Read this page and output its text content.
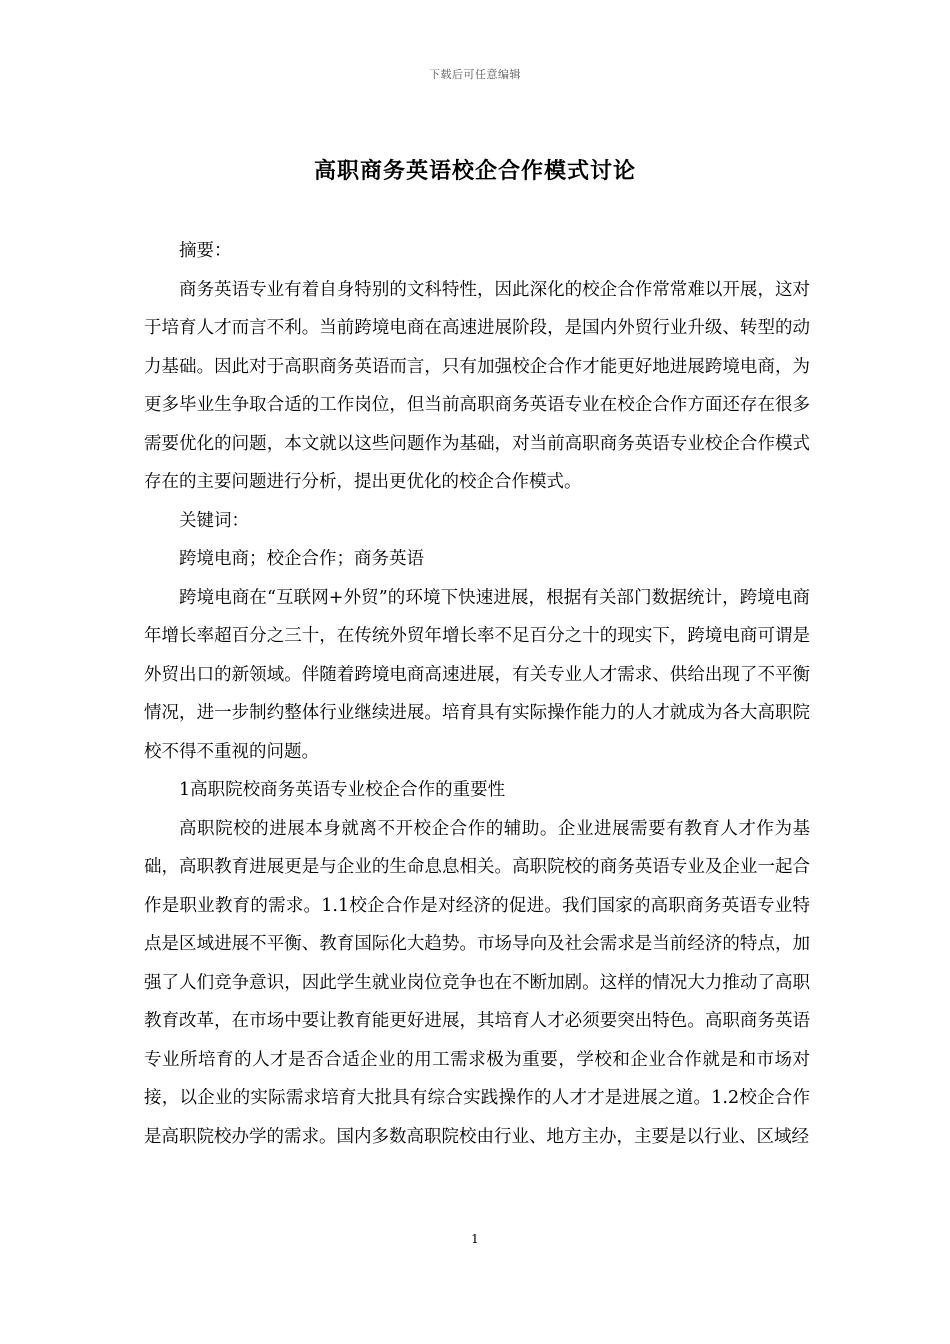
下载后可任意编辑
高职商务英语校企合作模式讨论

摘要：

商务英语专业有着自身特别的文科特性，因此深化的校企合作常常难以开展，这对于培育人才而言不利。当前跨境电商在高速进展阶段，是国内外贸行业升级、转型的动力基础。因此对于高职商务英语而言，只有加强校企合作才能更好地进展跨境电商，为更多毕业生争取合适的工作岗位，但当前高职商务英语专业在校企合作方面还存在很多需要优化的问题，本文就以这些问题作为基础，对当前高职商务英语专业校企合作模式存在的主要问题进行分析，提出更优化的校企合作模式。

关键词：

跨境电商；校企合作；商务英语

跨境电商在“互联网+外贸”的环境下快速进展，根据有关部门数据统计，跨境电商年增长率超百分之三十，在传统外贸年增长率不足百分之十的现实下，跨境电商可谓是外贸出口的新领域。伴随着跨境电商高速进展，有关专业人才需求、供给出现了不平衡情况，进一步制约整体行业继续进展。培育具有实际操作能力的人才就成为各大高职院校不得不重视的问题。

1高职院校商务英语专业校企合作的重要性

高职院校的进展本身就离不开校企合作的辅助。企业进展需要有教育人才作为基础，高职教育进展更是与企业的生命息息相关。高职院校的商务英语专业及企业一起合作是职业教育的需求。1.1校企合作是对经济的促进。我们国家的高职商务英语专业特点是区域进展不平衡、教育国际化大趋势。市场导向及社会需求是当前经济的特点，加强了人们竞争意识，因此学生就业岗位竞争也在不断加剧。这样的情况大力推动了高职教育改革，在市场中要让教育能更好进展，其培育人才必须要突出特色。高职商务英语专业所培育的人才是否合适企业的用工需求极为重要，学校和企业合作就是和市场对接，以企业的实际需求培育大批具有综合实践操作的人才才是进展之道。1.2校企合作是高职院校办学的需求。国内多数高职院校由行业、地方主办，主要是以行业、区域经

1
